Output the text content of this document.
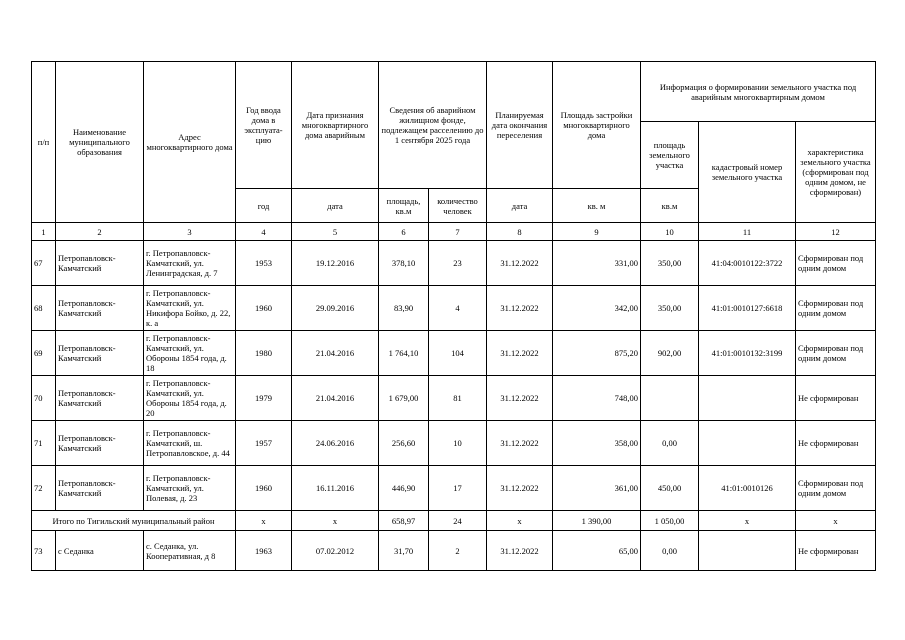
п/п	Наименование муниципального образования	Адрес многоквартирного дома	Год ввода дома в эксплуата-цию	Дата признания многоквартирного дома аварийным	Сведения об аварийном жилищном фонде, подлежащем расселению до 1 сентября 2025 года		Планируемая дата окончания переселения	Площадь застройки многоквартирного дома	Информация о формировании земельного участка под аварийным многоквартирным домом		
									площадь земельного участка	кадастровый номер земельного участка	характеристика земельного участка (сформирован под одним домом, не сформирован)
			год	дата	площадь, кв.м	количество человек	дата	кв. м	кв.м		
1	2	3	4	5	6	7	8	9	10	11	12
67	Петропавловск-Камчатский	г. Петропавловск-Камчатский, ул. Ленинградская, д. 7	1953	19.12.2016	378,10	23	31.12.2022	331,00	350,00	41:04:0010122:3722	Сформирован под одним домом
68	Петропавловск-Камчатский	г. Петропавловск-Камчатский, ул. Никифора Бойко, д. 22, к. а	1960	29.09.2016	83,90	4	31.12.2022	342,00	350,00	41:01:0010127:6618	Сформирован под одним домом
69	Петропавловск-Камчатский	г. Петропавловск-Камчатский, ул. Обороны 1854 года, д. 18	1980	21.04.2016	1 764,10	104	31.12.2022	875,20	902,00	41:01:0010132:3199	Сформирован под одним домом
70	Петропавловск-Камчатский	г. Петропавловск-Камчатский, ул. Обороны 1854 года, д. 20	1979	21.04.2016	1 679,00	81	31.12.2022	748,00			Не сформирован
71	Петропавловск-Камчатский	г. Петропавловск-Камчатский, ш. Петропавловское, д. 44	1957	24.06.2016	256,60	10	31.12.2022	358,00	0,00		Не сформирован
72	Петропавловск-Камчатский	г. Петропавловск-Камчатский, ул. Полевая, д. 23	1960	16.11.2016	446,90	17	31.12.2022	361,00	450,00	41:01:0010126	Сформирован под одним домом
Итого по Тигильский муниципальный район			x	x	658,97	24	x	1 390,00	1 050,00	x	x
73	с Седанка	с. Седанка, ул. Кооперативная, д 8	1963	07.02.2012	31,70	2	31.12.2022	65,00	0,00		Не сформирован
